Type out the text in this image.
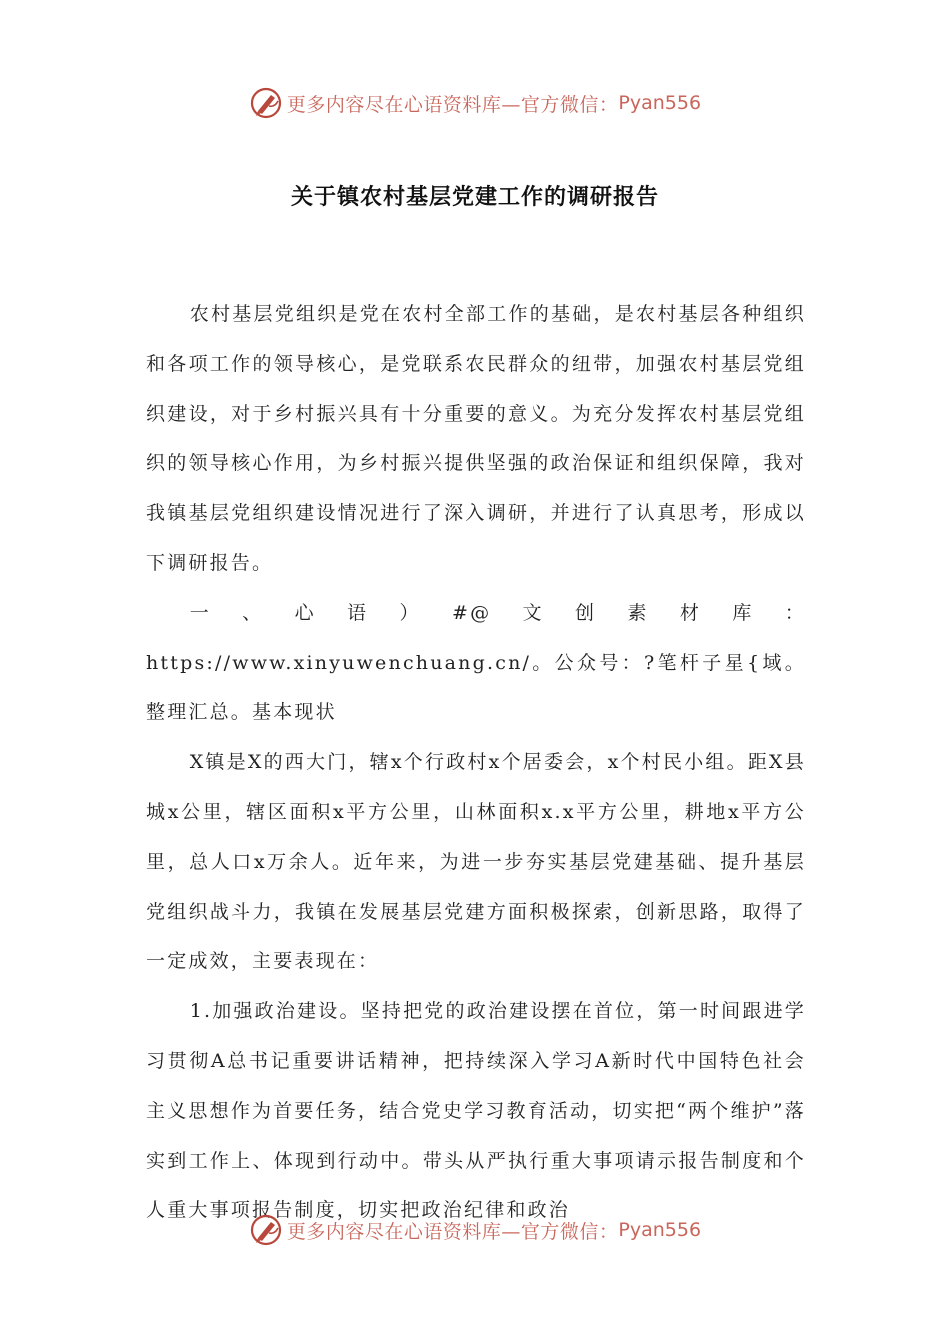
更多内容尽在心语资料库—官方微信： Pyan556
关于镇农村基层党建工作的调研报告

农村基层党组织是党在农村全部工作的基础，是农村基层各种组织和各项工作的领导核心，是党联系农民群众的纽带，加强农村基层党组织建设，对于乡村振兴具有十分重要的意义。为充分发挥农村基层党组织的领导核心作用，为乡村振兴提供坚强的政治保证和组织保障，我对我镇基层党组织建设情况进行了深入调研，并进行了认真思考，形成以下调研报告。

一、心语）#@文创素材库：https://www.xinyuwenchuang.cn/。公众号：?笔杆子星{域。整理汇总。基本现状

X镇是X的西大门，辖x个行政村x个居委会，x个村民小组。距X县城x公里，辖区面积x平方公里，山林面积x.x平方公里，耕地x平方公里，总人口x万余人。近年来，为进一步夯实基层党建基础、提升基层党组织战斗力，我镇在发展基层党建方面积极探索，创新思路，取得了一定成效，主要表现在：

1.加强政治建设。坚持把党的政治建设摆在首位，第一时间跟进学习贯彻A总书记重要讲话精神，把持续深入学习A新时代中国特色社会主义思想作为首要任务，结合党史学习教育活动，切实把“两个维护”落实到工作上、体现到行动中。带头从严执行重大事项请示报告制度和个人重大事项报告制度，切实把政治纪律和政治

更多内容尽在心语资料库—官方微信： Pyan556
